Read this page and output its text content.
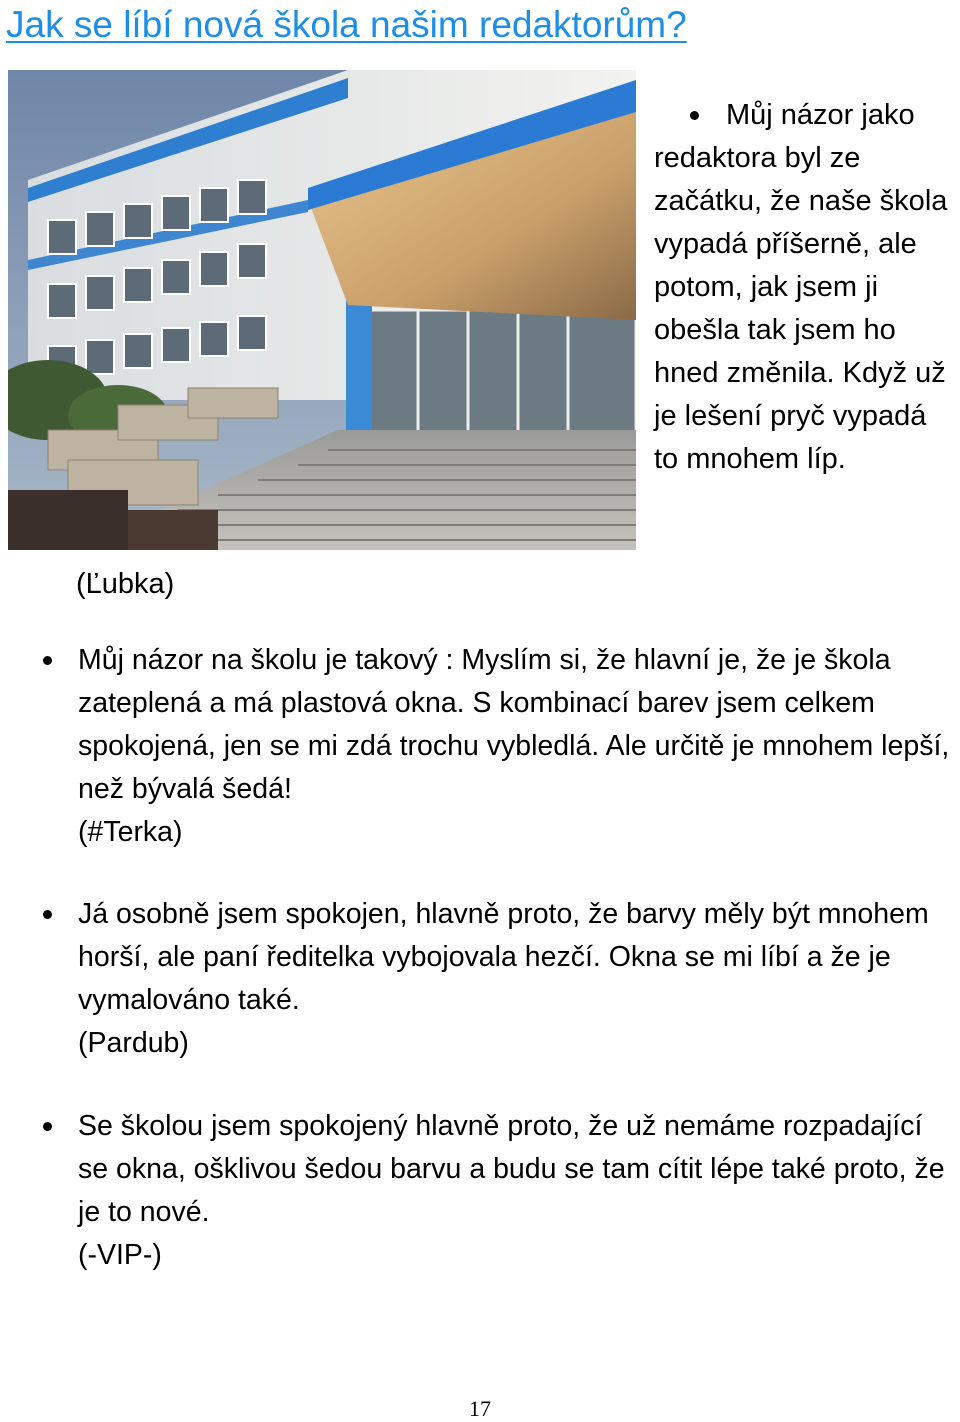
Jak se líbí nová škola našim redaktorům?
Můj názor jako redaktora byl ze začátku, že naše škola vypadá příšerně, ale potom, jak jsem ji obešla tak jsem ho hned změnila. Když už je lešení pryč vypadá to mnohem líp.
(Ľubka)
Můj názor na školu je takový : Myslím si, že hlavní je, že je škola zateplená a má plastová okna. S kombinací barev jsem celkem spokojená, jen se mi zdá trochu vybledlá. Ale určitě je mnohem lepší, než bývalá šedá!
(#Terka)
Já osobně jsem spokojen, hlavně proto, že barvy měly být mnohem horší, ale paní ředitelka vybojovala hezčí. Okna se mi líbí a že je vymalováno také.
(Pardub)
Se školou jsem spokojený hlavně proto, že už nemáme rozpadající se okna, ošklivou šedou barvu a budu se tam cítit lépe také proto, že je to nové.
(-VIP-)
17
